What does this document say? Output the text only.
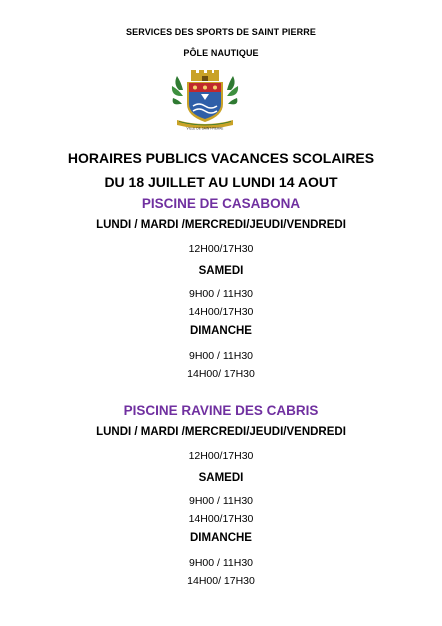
SERVICES DES SPORTS DE SAINT PIERRE
PÔLE NAUTIQUE
VILLE DE SAINT-PIERRE
HORAIRES PUBLICS VACANCES SCOLAIRES
DU 18 JUILLET AU LUNDI 14 AOUT
PISCINE DE CASABONA
LUNDI / MARDI /MERCREDI/JEUDI/VENDREDI
12H00/17H30
SAMEDI
9H00 / 11H30
14H00/17H30
DIMANCHE
9H00 / 11H30
14H00/ 17H30
PISCINE RAVINE DES CABRIS
LUNDI / MARDI /MERCREDI/JEUDI/VENDREDI
12H00/17H30
SAMEDI
9H00 / 11H30
14H00/17H30
DIMANCHE
9H00 / 11H30
14H00/ 17H30
